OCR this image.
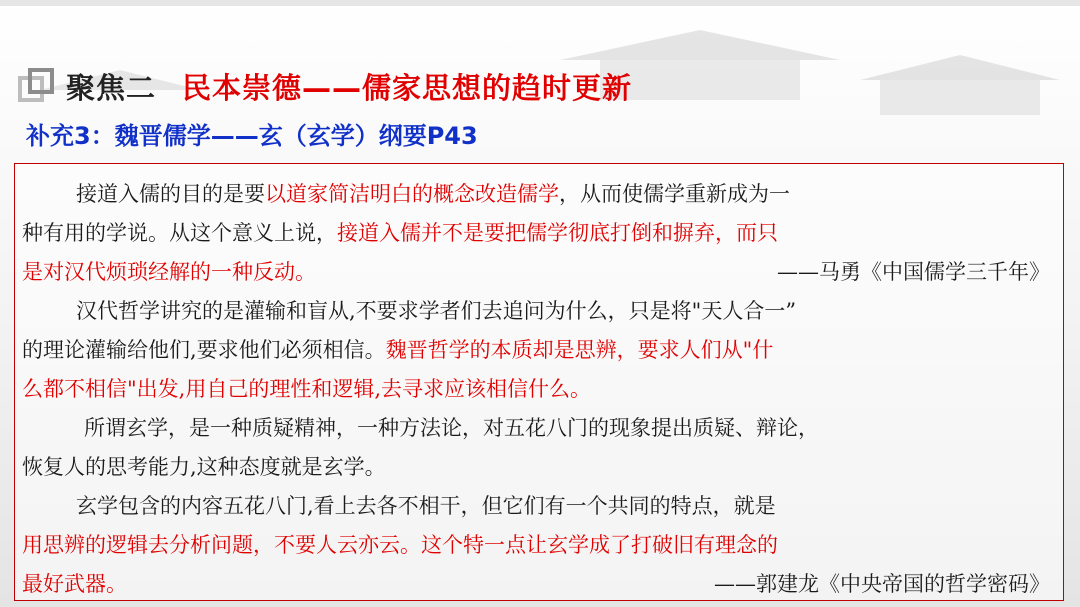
聚焦二 民本崇德——儒家思想的趋时更新
补充3：魏晋儒学——玄（玄学）纲要P43
接道入儒的目的是要以道家简洁明白的概念改造儒学，从而使儒学重新成为一
种有用的学说。从这个意义上说，接道入儒并不是要把儒学彻底打倒和摒弃，而只
是对汉代烦琐经解的一种反动。	——马勇《中国儒学三千年》
汉代哲学讲究的是灌输和盲从,不要求学者们去追问为什么，只是将"天人合一”
的理论灌输给他们,要求他们必须相信。魏晋哲学的本质却是思辨，要求人们从"什
么都不相信"出发,用自己的理性和逻辑,去寻求应该相信什么。
所谓玄学，是一种质疑精神，一种方法论，对五花八门的现象提出质疑、辩论，
恢复人的思考能力,这种态度就是玄学。
玄学包含的内容五花八门,看上去各不相干，但它们有一个共同的特点，就是
用思辨的逻辑去分析问题，不要人云亦云。这个特一点让玄学成了打破旧有理念的
最好武器。	——郭建龙《中央帝国的哲学密码》
